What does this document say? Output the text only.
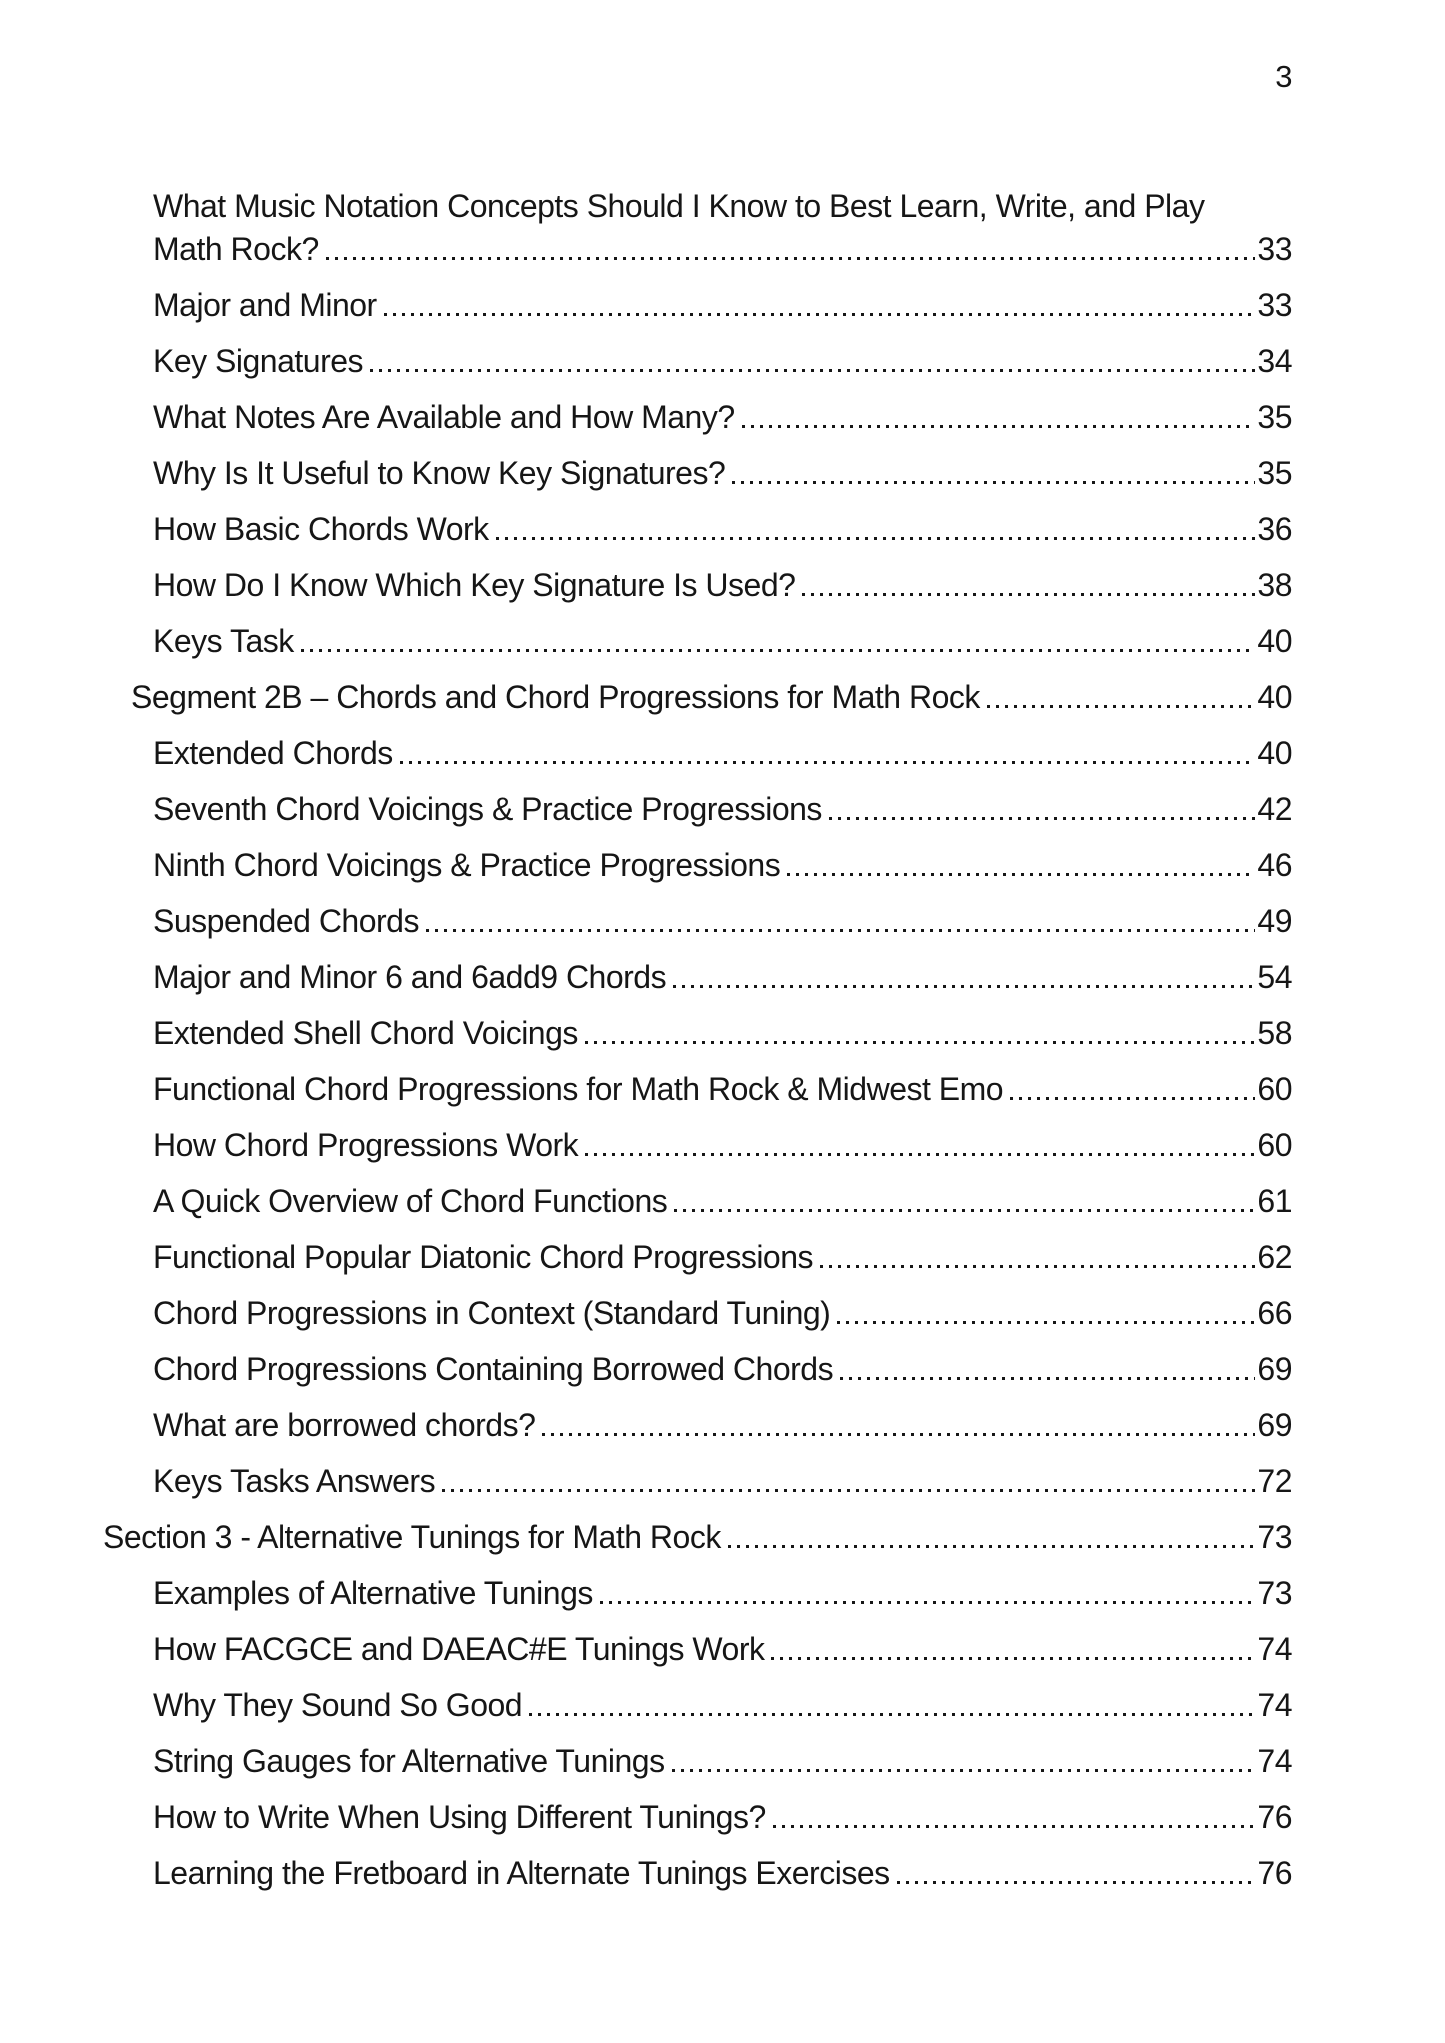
3
What Music Notation Concepts Should I Know to Best Learn, Write, and Play
Math Rock?	33
Major and Minor	33
Key Signatures	34
What Notes Are Available and How Many?	35
Why Is It Useful to Know Key Signatures?	35
How Basic Chords Work	36
How Do I Know Which Key Signature Is Used?	38
Keys Task	40
Segment 2B – Chords and Chord Progressions for Math Rock	40
Extended Chords	40
Seventh Chord Voicings & Practice Progressions	42
Ninth Chord Voicings & Practice Progressions	46
Suspended Chords	49
Major and Minor 6 and 6add9 Chords	54
Extended Shell Chord Voicings	58
Functional Chord Progressions for Math Rock & Midwest Emo	60
How Chord Progressions Work	60
A Quick Overview of Chord Functions	61
Functional Popular Diatonic Chord Progressions	62
Chord Progressions in Context (Standard Tuning)	66
Chord Progressions Containing Borrowed Chords	69
What are borrowed chords?	69
Keys Tasks Answers	72
Section 3 - Alternative Tunings for Math Rock	73
Examples of Alternative Tunings	73
How FACGCE and DAEAC#E Tunings Work	74
Why They Sound So Good	74
String Gauges for Alternative Tunings	74
How to Write When Using Different Tunings?	76
Learning the Fretboard in Alternate Tunings Exercises	76
